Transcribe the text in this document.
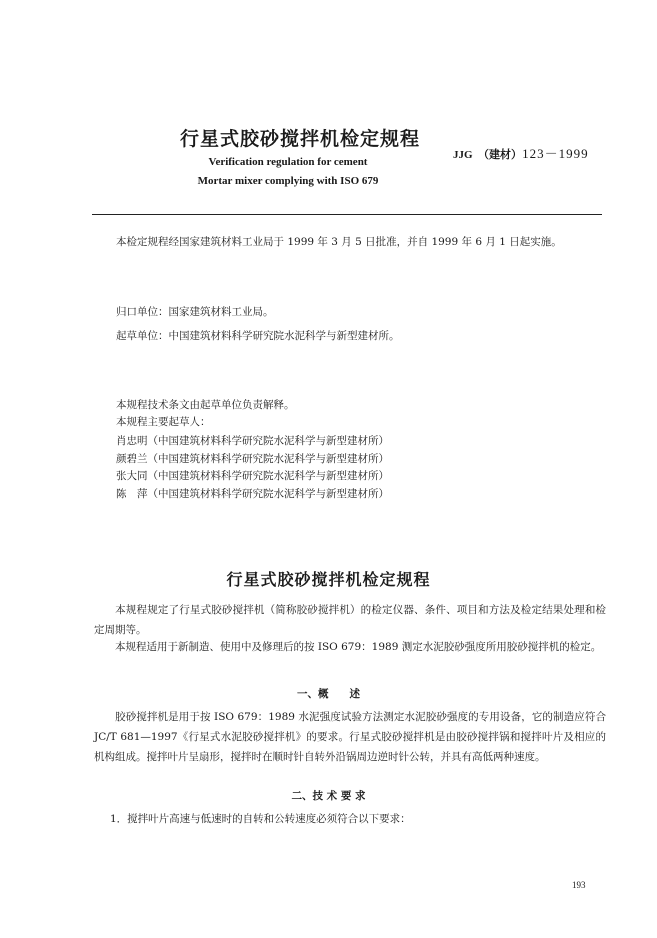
行星式胶砂搅拌机检定规程
Verification regulation for cement
Mortar mixer complying with ISO 679
JJG　（建材）123－1999
本检定规程经国家建筑材料工业局于 1999 年 3 月 5 日批准，并自 1999 年 6 月 1 日起实施。
归口单位：国家建筑材料工业局。
起草单位：中国建筑材料科学研究院水泥科学与新型建材所。
本规程技术条文由起草单位负责解释。
本规程主要起草人：
肖忠明（中国建筑材料科学研究院水泥科学与新型建材所）
颜碧兰（中国建筑材料科学研究院水泥科学与新型建材所）
张大同（中国建筑材料科学研究院水泥科学与新型建材所）
陈　萍（中国建筑材料科学研究院水泥科学与新型建材所）
行星式胶砂搅拌机检定规程
本规程规定了行星式胶砂搅拌机（简称胶砂搅拌机）的检定仪器、条件、项目和方法及检定结果处理和检定周期等。
本规程适用于新制造、使用中及修理后的按 ISO 679：1989 测定水泥胶砂强度所用胶砂搅拌机的检定。
一、概　　述
胶砂搅拌机是用于按 ISO 679：1989 水泥强度试验方法测定水泥胶砂强度的专用设备，它的制造应符合 JC/T 681—1997《行星式水泥胶砂搅拌机》的要求。行星式胶砂搅拌机是由胶砂搅拌锅和搅拌叶片及相应的机构组成。搅拌叶片呈扇形，搅拌时在顺时针自转外沿锅周边逆时针公转，并具有高低两种速度。
二、技 术 要 求
1．搅拌叶片高速与低速时的自转和公转速度必须符合以下要求：
193
